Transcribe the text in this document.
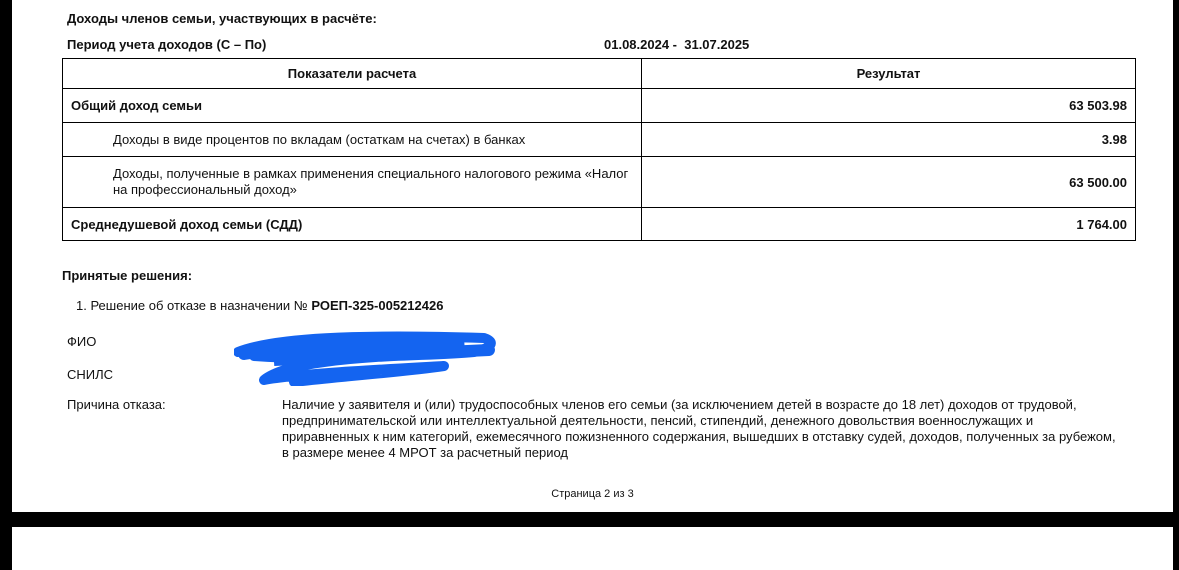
Доходы членов семьи, участвующих в расчёте:
Период учета доходов (С – По)	01.08.2024 -  31.07.2025
Показатели расчета	Результат
Общий доход семьи	63 503.98
Доходы в виде процентов по вкладам (остаткам на счетах) в банках	3.98
Доходы, полученные в рамках применения специального налогового режима «Налог на профессиональный доход»	63 500.00
Среднедушевой доход семьи (СДД)	1 764.00
Принятые решения:
1. Решение об отказе в назначении № РОЕП-325-005212426
ФИО
СНИЛС
Причина отказа:	Наличие у заявителя и (или) трудоспособных членов его семьи (за исключением детей в возрасте до 18 лет) доходов от трудовой, предпринимательской или интеллектуальной деятельности, пенсий, стипендий, денежного довольствия военнослужащих и приравненных к ним категорий, ежемесячного пожизненного содержания, вышедших в отставку судей, доходов, полученных за рубежом, в размере менее 4 МРОТ за расчетный период
Страница 2 из 3
